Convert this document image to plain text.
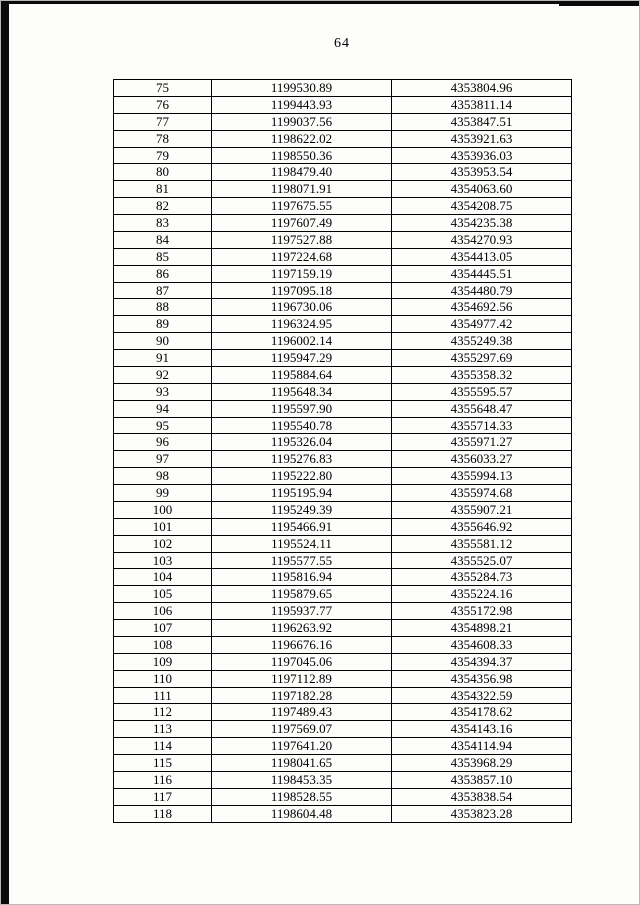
64
75	1199530.89	4353804.96
76	1199443.93	4353811.14
77	1199037.56	4353847.51
78	1198622.02	4353921.63
79	1198550.36	4353936.03
80	1198479.40	4353953.54
81	1198071.91	4354063.60
82	1197675.55	4354208.75
83	1197607.49	4354235.38
84	1197527.88	4354270.93
85	1197224.68	4354413.05
86	1197159.19	4354445.51
87	1197095.18	4354480.79
88	1196730.06	4354692.56
89	1196324.95	4354977.42
90	1196002.14	4355249.38
91	1195947.29	4355297.69
92	1195884.64	4355358.32
93	1195648.34	4355595.57
94	1195597.90	4355648.47
95	1195540.78	4355714.33
96	1195326.04	4355971.27
97	1195276.83	4356033.27
98	1195222.80	4355994.13
99	1195195.94	4355974.68
100	1195249.39	4355907.21
101	1195466.91	4355646.92
102	1195524.11	4355581.12
103	1195577.55	4355525.07
104	1195816.94	4355284.73
105	1195879.65	4355224.16
106	1195937.77	4355172.98
107	1196263.92	4354898.21
108	1196676.16	4354608.33
109	1197045.06	4354394.37
110	1197112.89	4354356.98
111	1197182.28	4354322.59
112	1197489.43	4354178.62
113	1197569.07	4354143.16
114	1197641.20	4354114.94
115	1198041.65	4353968.29
116	1198453.35	4353857.10
117	1198528.55	4353838.54
118	1198604.48	4353823.28
